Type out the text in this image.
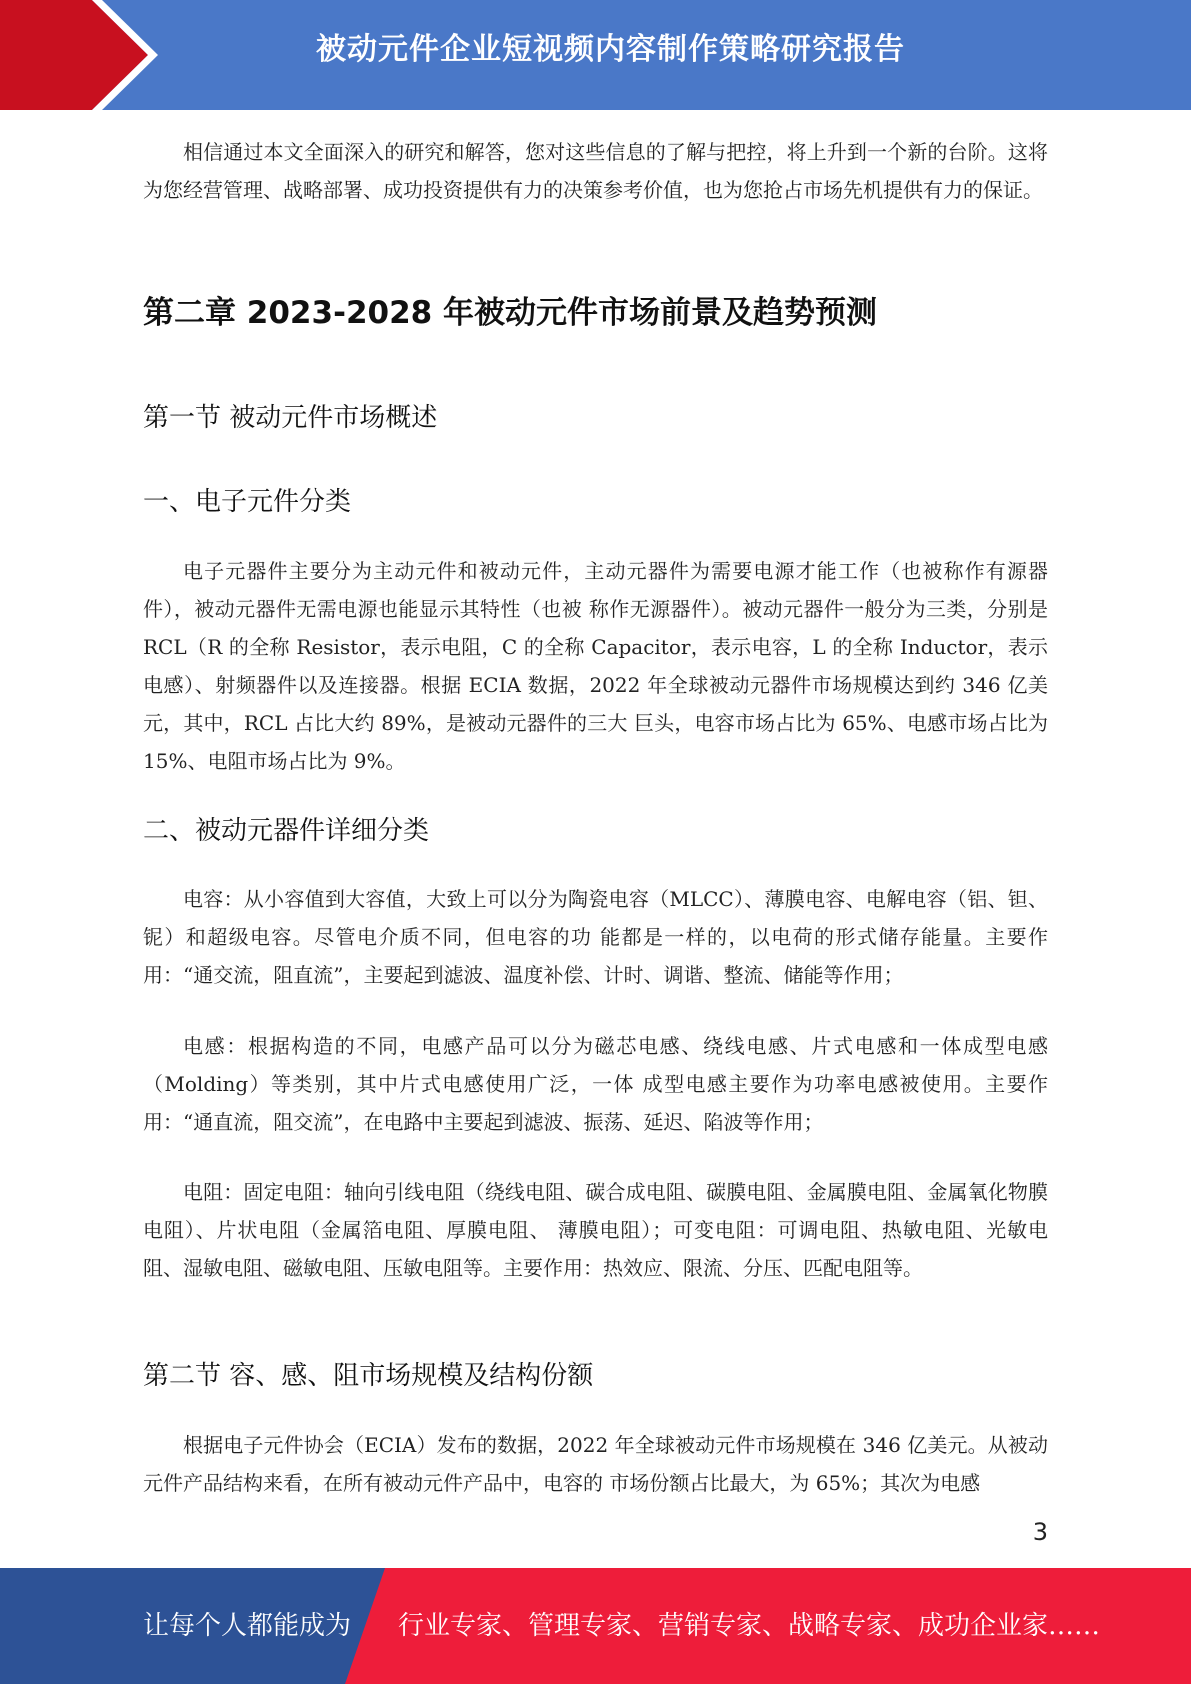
被动元件企业短视频内容制作策略研究报告

相信通过本文全面深入的研究和解答，您对这些信息的了解与把控，将上升到一个新的台阶。这将为您经营管理、战略部署、成功投资提供有力的决策参考价值，也为您抢占市场先机提供有力的保证。

第二章 2023-2028 年被动元件市场前景及趋势预测
第一节 被动元件市场概述
一、电子元件分类

电子元器件主要分为主动元件和被动元件，主动元器件为需要电源才能工作（也被称作有源器件），被动元器件无需电源也能显示其特性（也被 称作无源器件）。被动元器件一般分为三类，分别是 RCL（R 的全称 Resistor，表示电阻，C 的全称 Capacitor，表示电容，L 的全称 Inductor，表示 电感）、射频器件以及连接器。根据 ECIA 数据，2022 年全球被动元器件市场规模达到约 346 亿美元，其中，RCL 占比大约 89%，是被动元器件的三大 巨头，电容市场占比为 65%、电感市场占比为 15%、电阻市场占比为 9%。

二、被动元器件详细分类

电容：从小容值到大容值，大致上可以分为陶瓷电容（MLCC）、薄膜电容、电解电容（铝、钽、铌）和超级电容。尽管电介质不同，但电容的功 能都是一样的，以电荷的形式储存能量。主要作用：“通交流，阻直流”，主要起到滤波、温度补偿、计时、调谐、整流、储能等作用；

电感：根据构造的不同，电感产品可以分为磁芯电感、绕线电感、片式电感和一体成型电感（Molding）等类别，其中片式电感使用广泛，一体 成型电感主要作为功率电感被使用。主要作用：“通直流，阻交流”，在电路中主要起到滤波、振荡、延迟、陷波等作用；

电阻：固定电阻：轴向引线电阻（绕线电阻、碳合成电阻、碳膜电阻、金属膜电阻、金属氧化物膜电阻）、片状电阻（金属箔电阻、厚膜电阻、 薄膜电阻）；可变电阻：可调电阻、热敏电阻、光敏电阻、湿敏电阻、磁敏电阻、压敏电阻等。主要作用：热效应、限流、分压、匹配电阻等。

第二节 容、感、阻市场规模及结构份额

根据电子元件协会（ECIA）发布的数据，2022 年全球被动元件市场规模在 346 亿美元。从被动元件产品结构来看，在所有被动元件产品中，电容的 市场份额占比最大，为 65%；其次为电感

3
让每个人都能成为 行业专家、管理专家、营销专家、战略专家、成功企业家……
